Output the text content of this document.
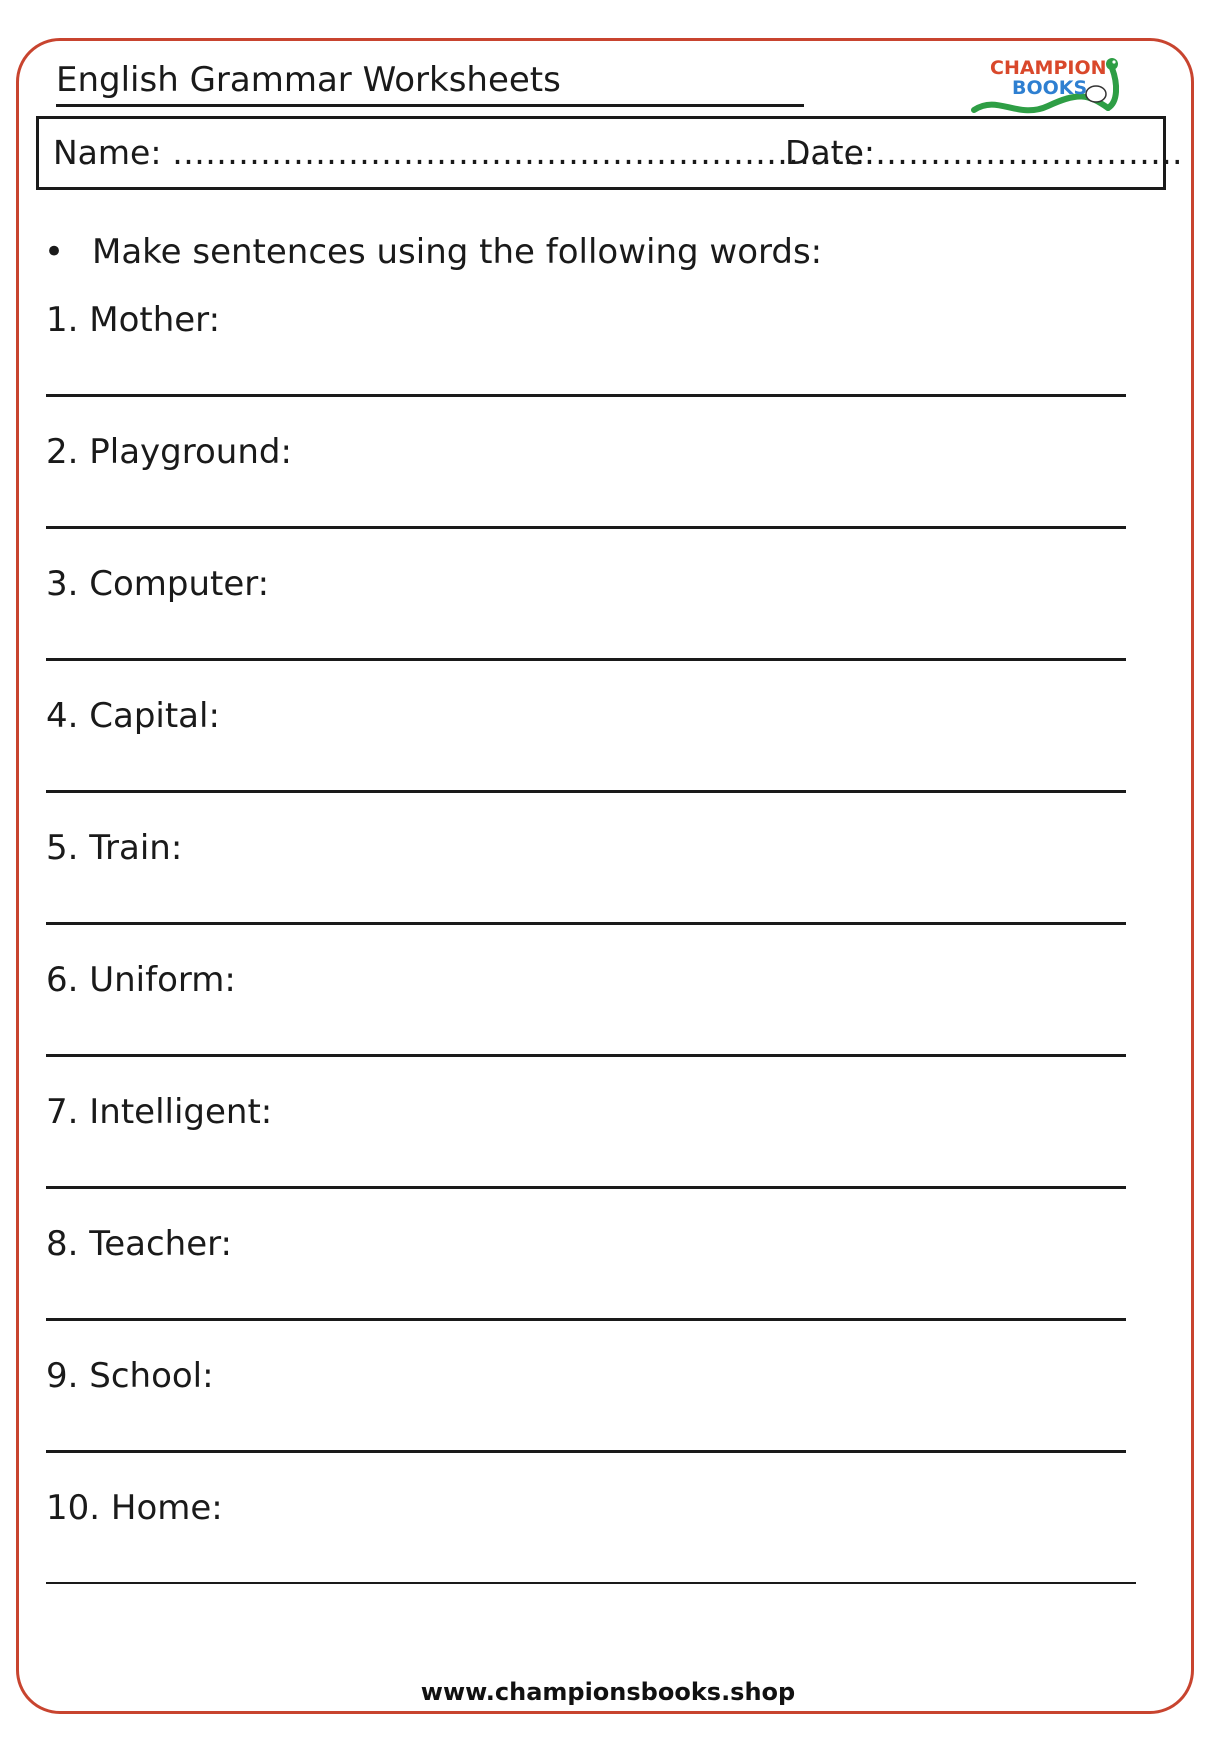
English Grammar Worksheets	CHAMPION
BOOKS
Name: ………………………………………………………
Date:……………………….
• Make sentences using the following words:
1. Mother:
2. Playground:
3. Computer:
4. Capital:
5. Train:
6. Uniform:
7. Intelligent:
8. Teacher:
9. School:
10. Home:
www.championsbooks.shop
